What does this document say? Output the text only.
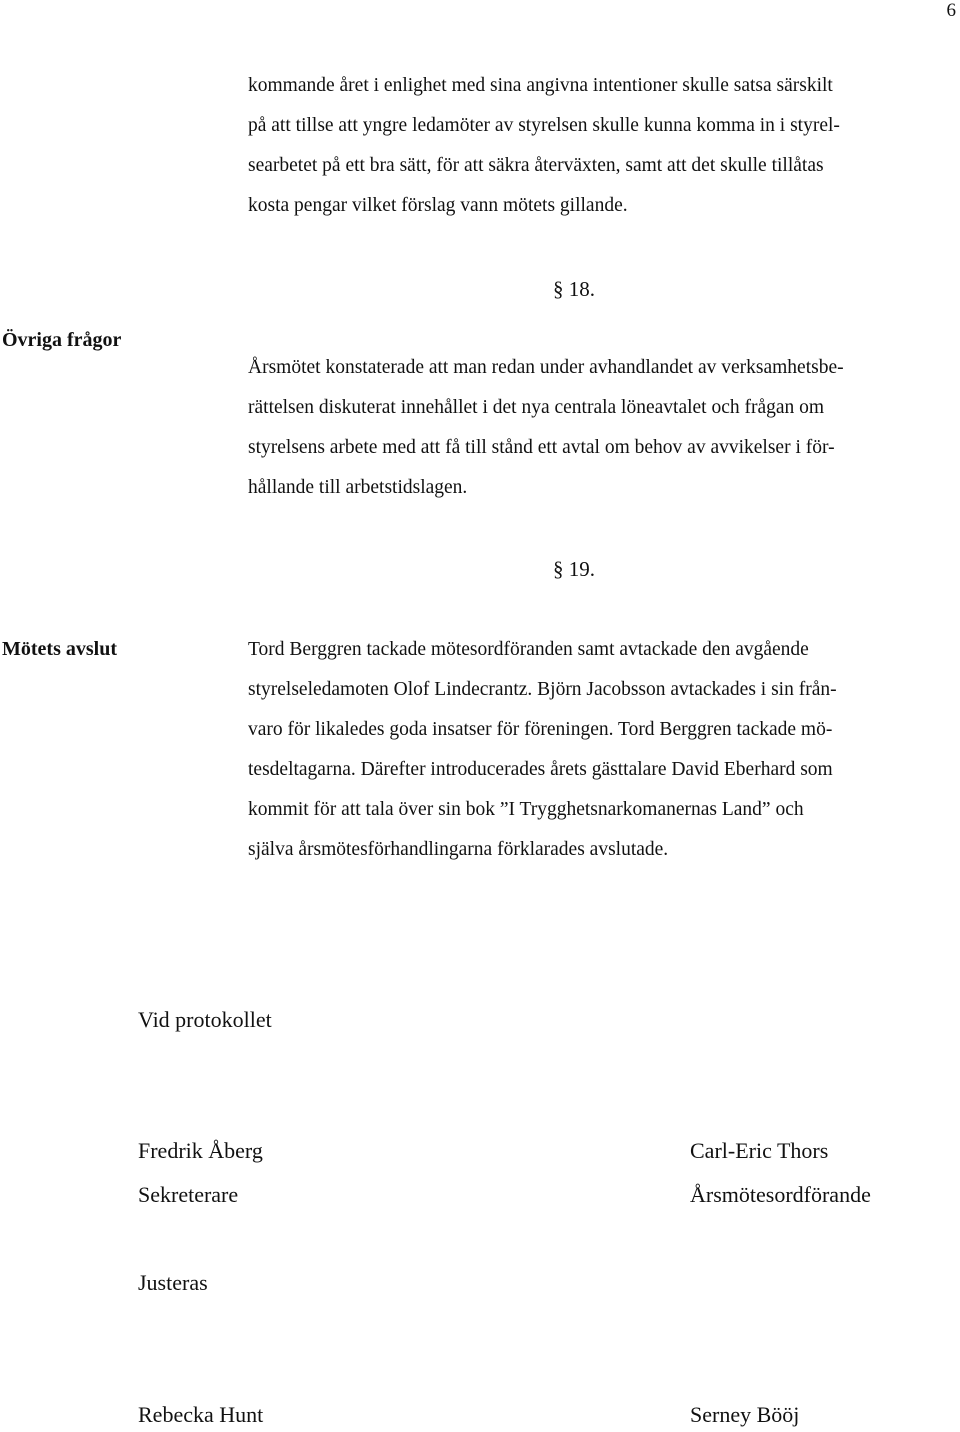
6
kommande året i enlighet med sina angivna intentioner skulle satsa särskilt
på att tillse att yngre ledamöter av styrelsen skulle kunna komma in i styrel-
searbetet på ett bra sätt, för att säkra återväxten, samt att det skulle tillåtas
kosta pengar vilket förslag vann mötets gillande.
§ 18.
Övriga frågor
Årsmötet konstaterade att man redan under avhandlandet av verksamhetsbe-
rättelsen diskuterat innehållet i det nya centrala löneavtalet och frågan om
styrelsens arbete med att få till stånd ett avtal om behov av avvikelser i för-
hållande till arbetstidslagen.
§ 19.
Mötets avslut	Tord Berggren tackade mötesordföranden samt avtackade den avgående
styrelseledamoten Olof Lindecrantz. Björn Jacobsson avtackades i sin från-
varo för likaledes goda insatser för föreningen. Tord Berggren tackade mö-
tesdeltagarna. Därefter introducerades årets gästtalare David Eberhard som
kommit för att tala över sin bok ”I Trygghetsnarkomanernas Land” och
själva årsmötesförhandlingarna förklarades avslutade.
Vid protokollet
Fredrik Åberg
Sekreterare
Carl-Eric Thors
Årsmötesordförande
Justeras
Rebecka Hunt	Serney Bööj
